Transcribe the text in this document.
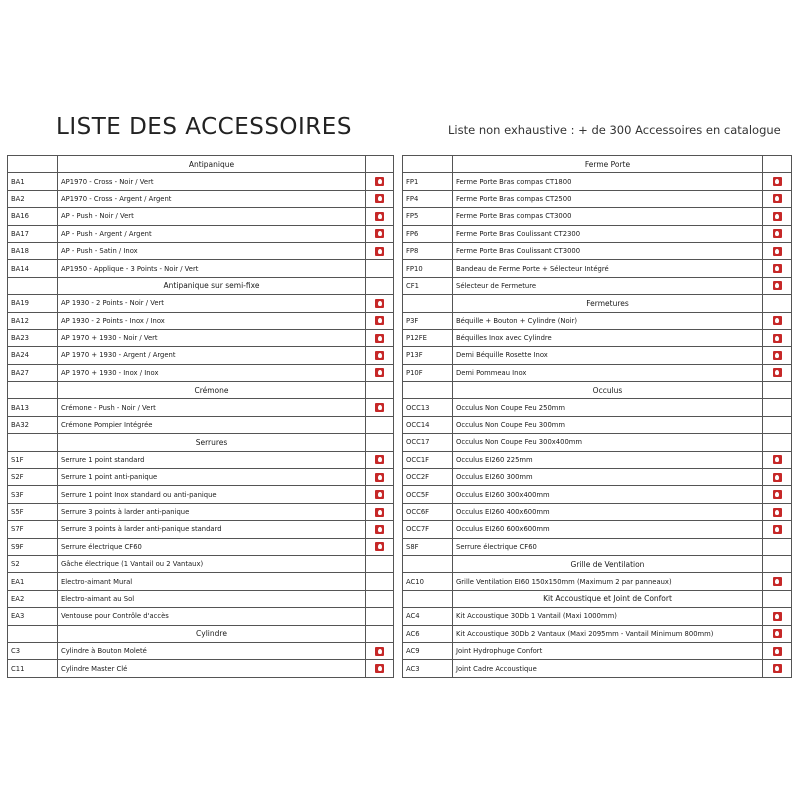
LISTE DES ACCESSOIRES	Liste non exhaustive : + de 300 Accessoires en catalogue
	Antipanique	
BA1	AP1970 - Cross - Noir / Vert	
BA2	AP1970 - Cross - Argent / Argent	
BA16	AP - Push - Noir / Vert	
BA17	AP - Push - Argent / Argent	
BA18	AP - Push - Satin / Inox	
BA14	AP1950 - Applique - 3 Points - Noir / Vert	
	Antipanique sur semi-fixe	
BA19	AP 1930 - 2 Points - Noir / Vert	
BA12	AP 1930 - 2 Points - Inox / Inox	
BA23	AP 1970 + 1930 - Noir / Vert	
BA24	AP 1970 + 1930 - Argent / Argent	
BA27	AP 1970 + 1930 - Inox / Inox	
	Crémone	
BA13	Crémone - Push - Noir / Vert	
BA32	Crémone Pompier Intégrée	
	Serrures	
S1F	Serrure 1 point standard	
S2F	Serrure 1 point anti-panique	
S3F	Serrure 1 point Inox standard ou anti-panique	
S5F	Serrure 3 points à larder anti-panique	
S7F	Serrure 3 points à larder anti-panique standard	
S9F	Serrure électrique CF60	
S2	Gâche électrique (1 Vantail ou 2 Vantaux)	
EA1	Electro-aimant Mural	
EA2	Electro-aimant au Sol	
EA3	Ventouse pour Contrôle d'accès	
	Cylindre	
C3	Cylindre à Bouton Moleté	
C11	Cylindre Master Clé	
	Ferme Porte	
FP1	Ferme Porte Bras compas CT1800	
FP4	Ferme Porte Bras compas CT2500	
FP5	Ferme Porte Bras compas CT3000	
FP6	Ferme Porte Bras Coulissant CT2300	
FP8	Ferme Porte Bras Coulissant CT3000	
FP10	Bandeau de Ferme Porte + Sélecteur Intégré	
CF1	Sélecteur de Fermeture	
	Fermetures	
P3F	Béquille + Bouton + Cylindre (Noir)	
P12FE	Béquilles Inox avec Cylindre	
P13F	Demi Béquille Rosette Inox	
P10F	Demi Pommeau Inox	
	Occulus	
OCC13	Occulus Non Coupe Feu 250mm	
OCC14	Occulus Non Coupe Feu 300mm	
OCC17	Occulus Non Coupe Feu 300x400mm	
OCC1F	Occulus EI260 225mm	
OCC2F	Occulus EI260 300mm	
OCC5F	Occulus EI260 300x400mm	
OCC6F	Occulus EI260 400x600mm	
OCC7F	Occulus EI260 600x600mm	
S8F	Serrure électrique CF60	
	Grille de Ventilation	
AC10	Grille Ventilation EI60 150x150mm (Maximum 2 par panneaux)	
	Kit Accoustique et Joint de Confort	
AC4	Kit Accoustique 30Db 1 Vantail (Maxi 1000mm)	
AC6	Kit Accoustique 30Db 2 Vantaux (Maxi 2095mm - Vantail Minimum 800mm)	
AC9	Joint Hydrophuge Confort	
AC3	Joint Cadre Accoustique	
